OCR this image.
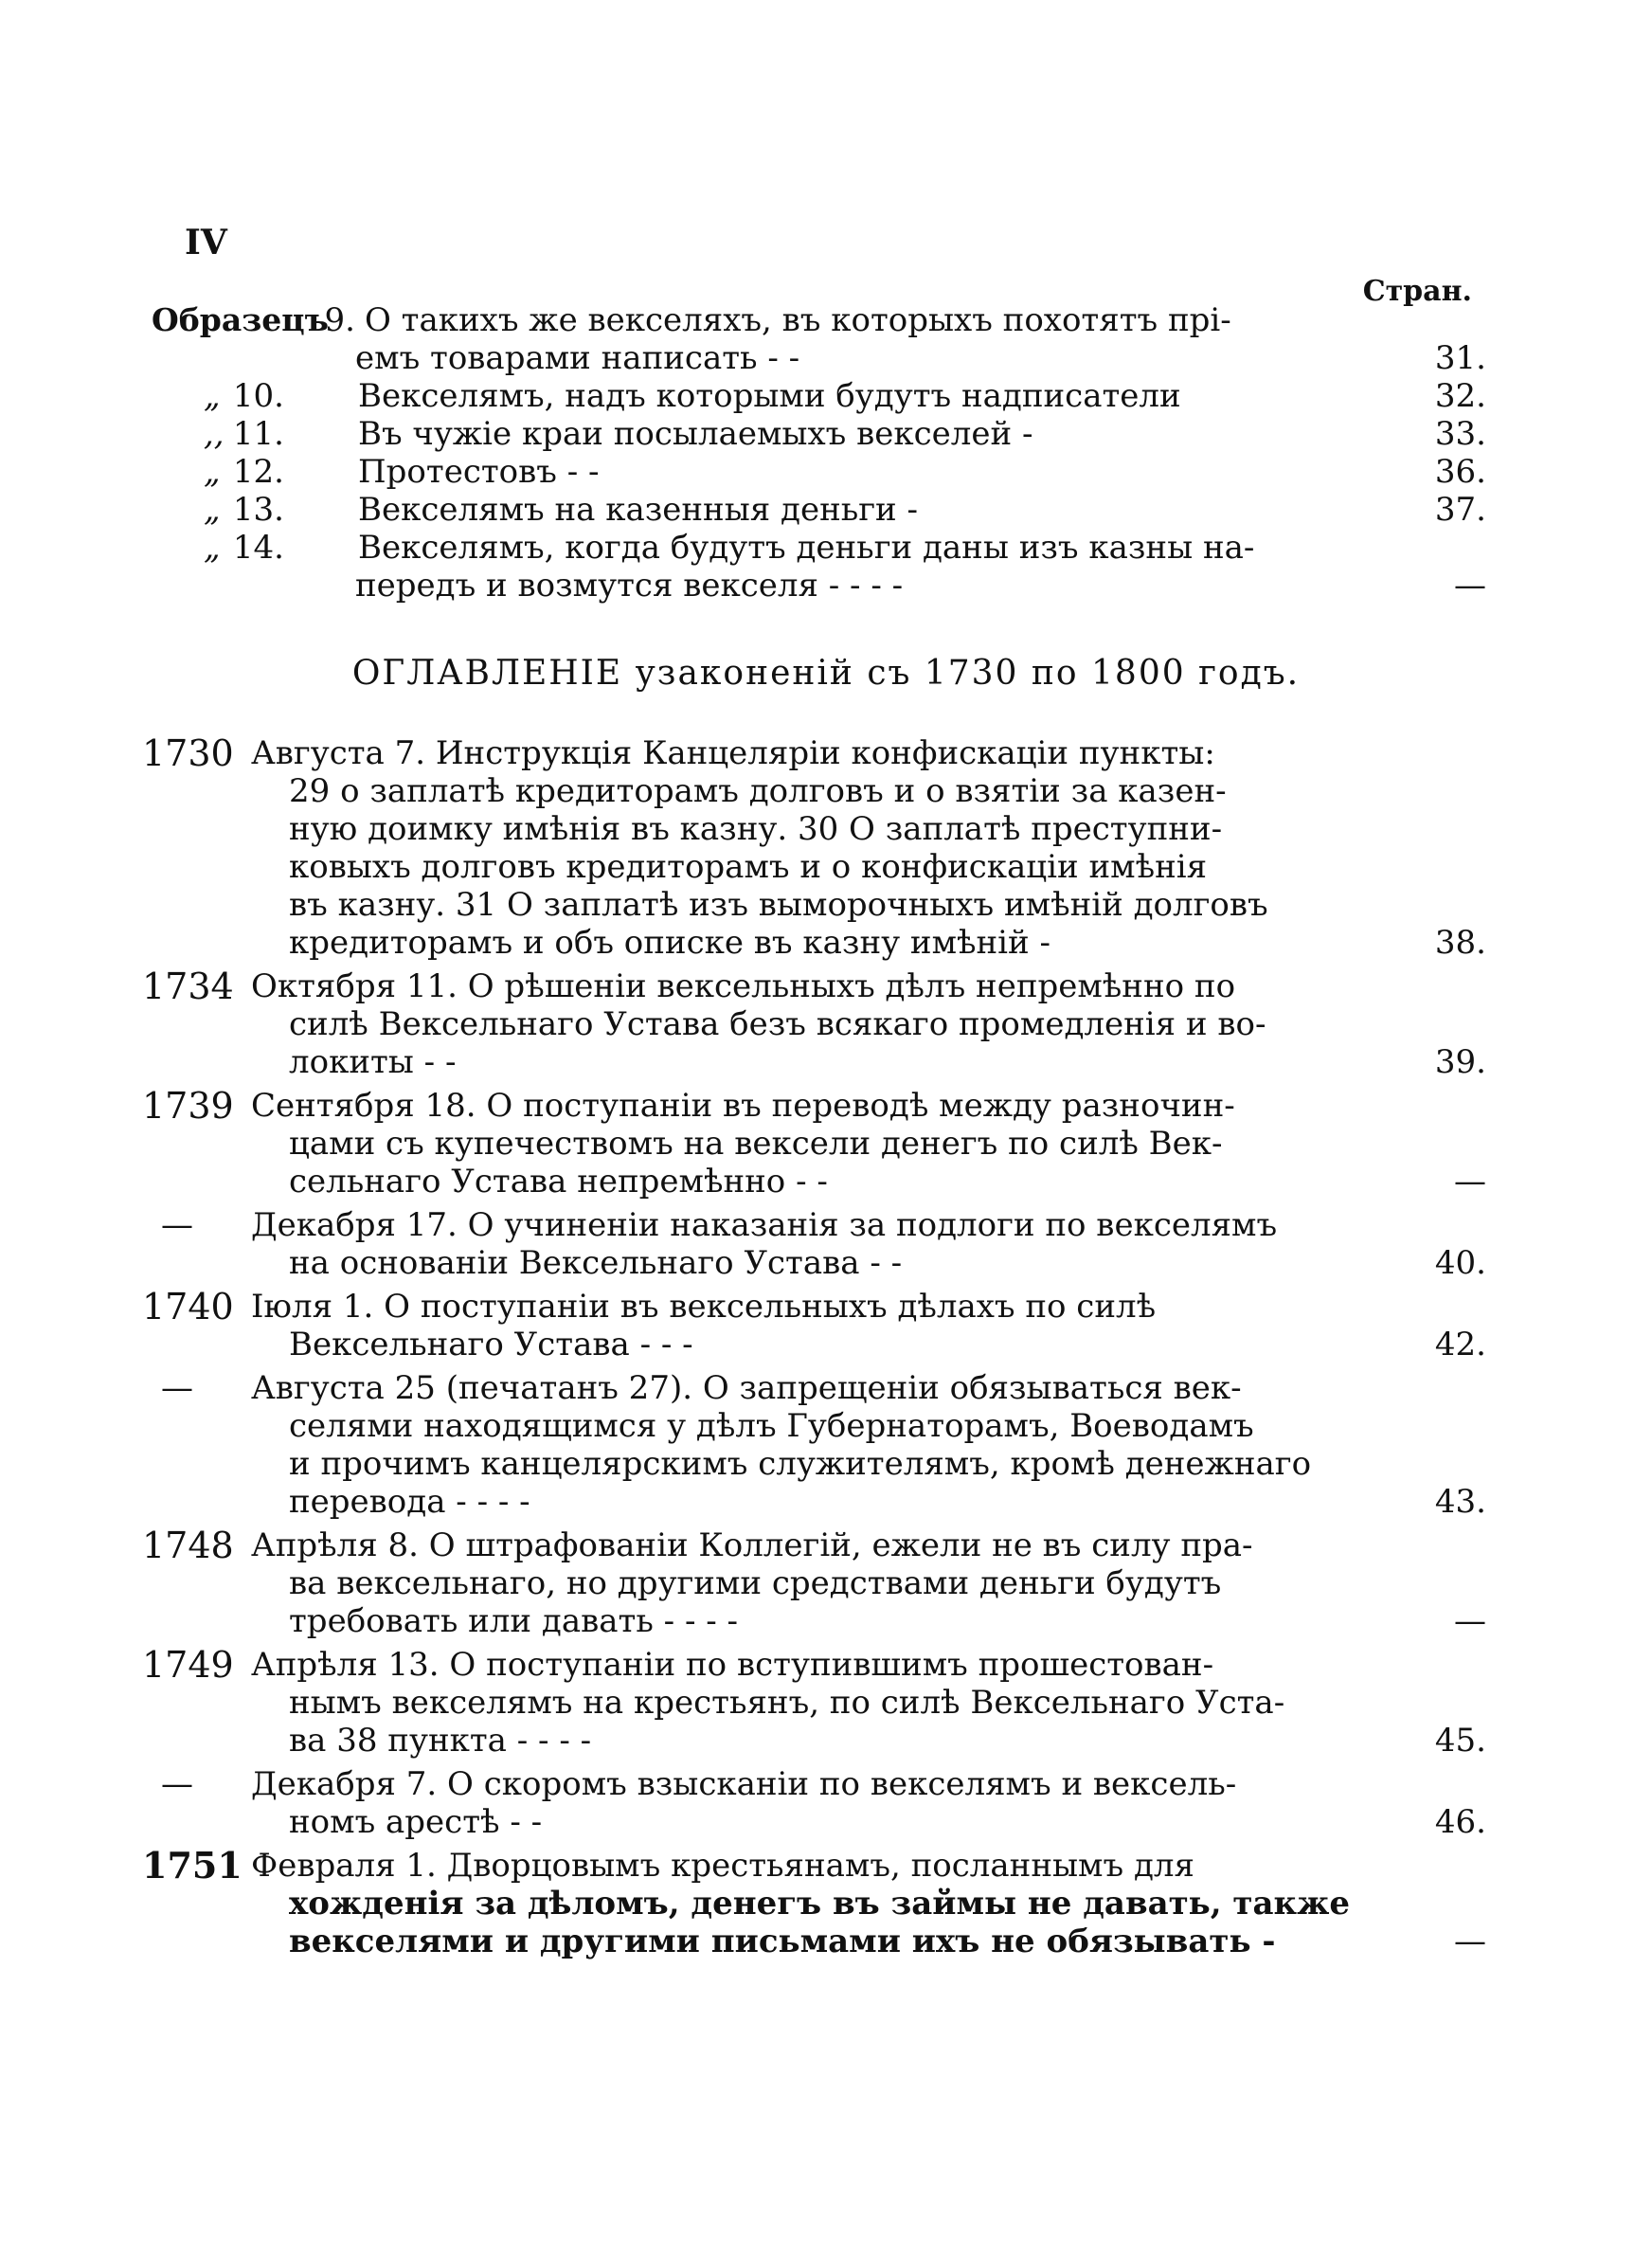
IV
Стран.
Образецъ
9. О такихъ же векселяхъ, въ которыхъ похотятъ прі-
емъ товарами написать - -	31.
„ 10. Векселямъ, надъ которыми будутъ надписатели	32.
,, 11. Въ чужіе краи посылаемыхъ векселей -	33.
„ 12. Протестовъ - -	36.
„ 13. Векселямъ на казенныя деньги -	37.
„ 14. Векселямъ, когда будутъ деньги даны изъ казны на-
передъ и возмутся векселя - - - -	—
ОГЛАВЛЕНІЕ узаконеній съ 1730 по 1800 годъ.
1730 Августа 7. Инструкція Канцеляріи конфискаціи пункты:
29 о заплатѣ кредиторамъ долговъ и о взятіи за казен-
ную доимку имѣнія въ казну. 30 О заплатѣ преступни-
ковыхъ долговъ кредиторамъ и о конфискаціи имѣнія
въ казну. 31 О заплатѣ изъ выморочныхъ имѣній долговъ
кредиторамъ и объ описке въ казну имѣній -	38.
1734 Октября 11. О рѣшеніи вексельныхъ дѣлъ непремѣнно по
силѣ Вексельнаго Устава безъ всякаго промедленія и во-
локиты - -	39.
1739 Сентября 18. О поступаніи въ переводѣ между разночин-
цами съ купечествомъ на вексели денегъ по силѣ Век-
сельнаго Устава непремѣнно - -	—
— Декабря 17. О учиненіи наказанія за подлоги по векселямъ
на основаніи Вексельнаго Устава - -	40.
1740 Іюля 1. О поступаніи въ вексельныхъ дѣлахъ по силѣ
Вексельнаго Устава - - -	42.
— Августа 25 (печатанъ 27). О запрещеніи обязываться век-
селями находящимся у дѣлъ Губернаторамъ, Воеводамъ
и прочимъ канцелярскимъ служителямъ, кромѣ денежнаго
перевода - - - -	43.
1748 Апрѣля 8. О штрафованіи Коллегій, ежели не въ силу пра-
ва вексельнаго, но другими средствами деньги будутъ
требовать или давать - - - -	—
1749 Апрѣля 13. О поступаніи по вступившимъ прошестован-
нымъ векселямъ на крестьянъ, по силѣ Вексельнаго Уста-
ва 38 пункта - - - -	45.
— Декабря 7. О скоромъ взысканіи по векселямъ и вексель-
номъ арестѣ - -	46.
1751 Февраля 1. Дворцовымъ крестьянамъ, посланнымъ для
хожденія за дѣломъ, денегъ въ займы не давать, также
векселями и другими письмами ихъ не обязывать -	—
